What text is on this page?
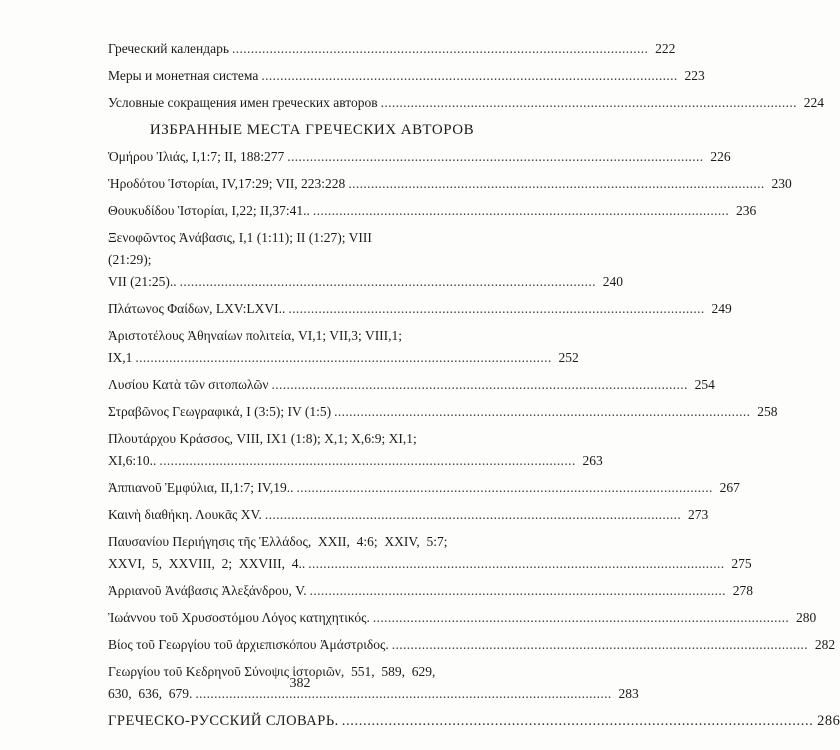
Греческий календарь . . .	222
Меры и монетная система . . .	223
Условные сокращения имен греческих авторов . . .	224
ИЗБРАННЫЕ МЕСТА ГРЕЧЕСКИХ АВТОРОВ
Ὁμήρου Ἰλιάς, I,1:7; II, 188:277 . . .	226
Ἡροδότου Ἱστορίαι, IV,17:29; VII, 223:228 . . .	230
Θουκυδίδου Ἱστορίαι, I,22; II,37:41.. . . .	236
Ξενοφῶντος Ἀνάβασις, I,1 (1:11); II (1:27); VIII
(21:29);
VII (21:25).. . . .	240
Πλάτωνος Φαίδων, LXV:LXVI.. . . .	249
Ἀριστοτέλους Ἀθηναίων πολιτεία, VI,1; VII,3; VIII,1;
IX,1 . . .	252
Λυσίου Κατὰ τῶν σιτοπωλῶν . . .	254
Στραβῶνος Γεωγραφικά, I (3:5); IV (1:5) . . .	258
Πλουτάρχου Κράσσος, VIII, IX1 (1:8); X,1; X,6:9; XI,1;
XI,6:10.. . . .	263
Ἀππιανοῦ Ἐμφύλια, II,1:7; IV,19.. . . .	267
Καινὴ διαθήκη. Λουκᾶς XV. . . .	273
Παυσανίου Περιήγησις τῆς Ἑλλάδος,  XXII,  4:6;  XXIV,  5:7;
XXVI,  5,  XXVIII,  2;  XXVIII,  4.. . . .	275
Ἀρριανοῦ Ἀνάβασις Ἀλεξάνδρου, V. . . .	278
Ἰωάννου τοῦ Χρυσοστόμου Λόγος κατηχητικός. . . .	280
Βίος τοῦ Γεωργίου τοῦ ἀρχιεπισκόπου Ἀμάστριδος. . . .	282
Γεωργίου τοῦ Κεδρηνοῦ Σύνοψις ἱστοριῶν,  551,  589,  629,
630,  636,  679. . . .	283
ГРЕЧЕСКО-РУССКИЙ СЛОВАРЬ. . . .	286
382
